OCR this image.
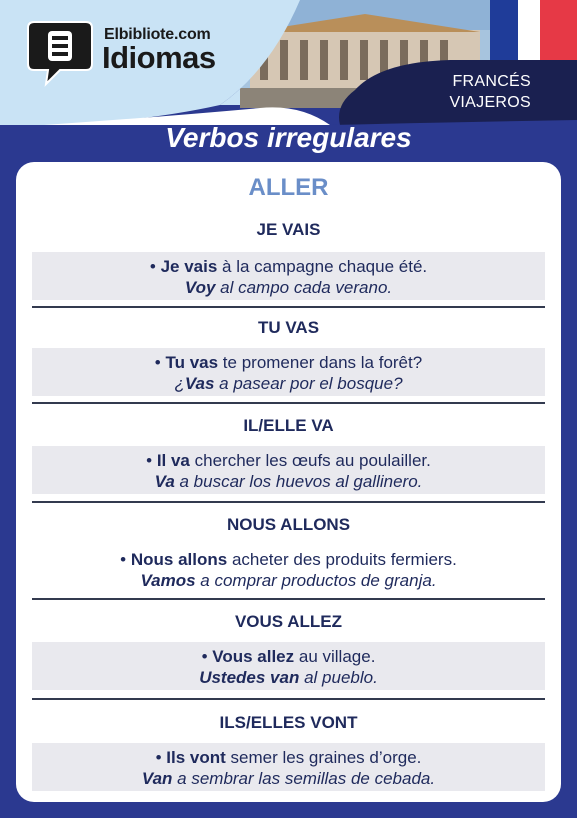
Elbibliote.com
Idiomas
FRANCÉS
VIAJEROS
Verbos irregulares
ALLER
JE VAIS
• Je vais à la campagne chaque été.
Voy al campo cada verano.
TU VAS
• Tu vas te promener dans la forêt?
¿Vas a pasear por el bosque?
IL/ELLE VA
• Il va chercher les œufs au poulailler.
Va a buscar los huevos al gallinero.
NOUS ALLONS
• Nous allons acheter des produits fermiers.
Vamos a comprar productos de granja.
VOUS ALLEZ
• Vous allez au village.
Ustedes van al pueblo.
ILS/ELLES VONT
• Ils vont semer les graines d’orge.
Van a sembrar las semillas de cebada.
